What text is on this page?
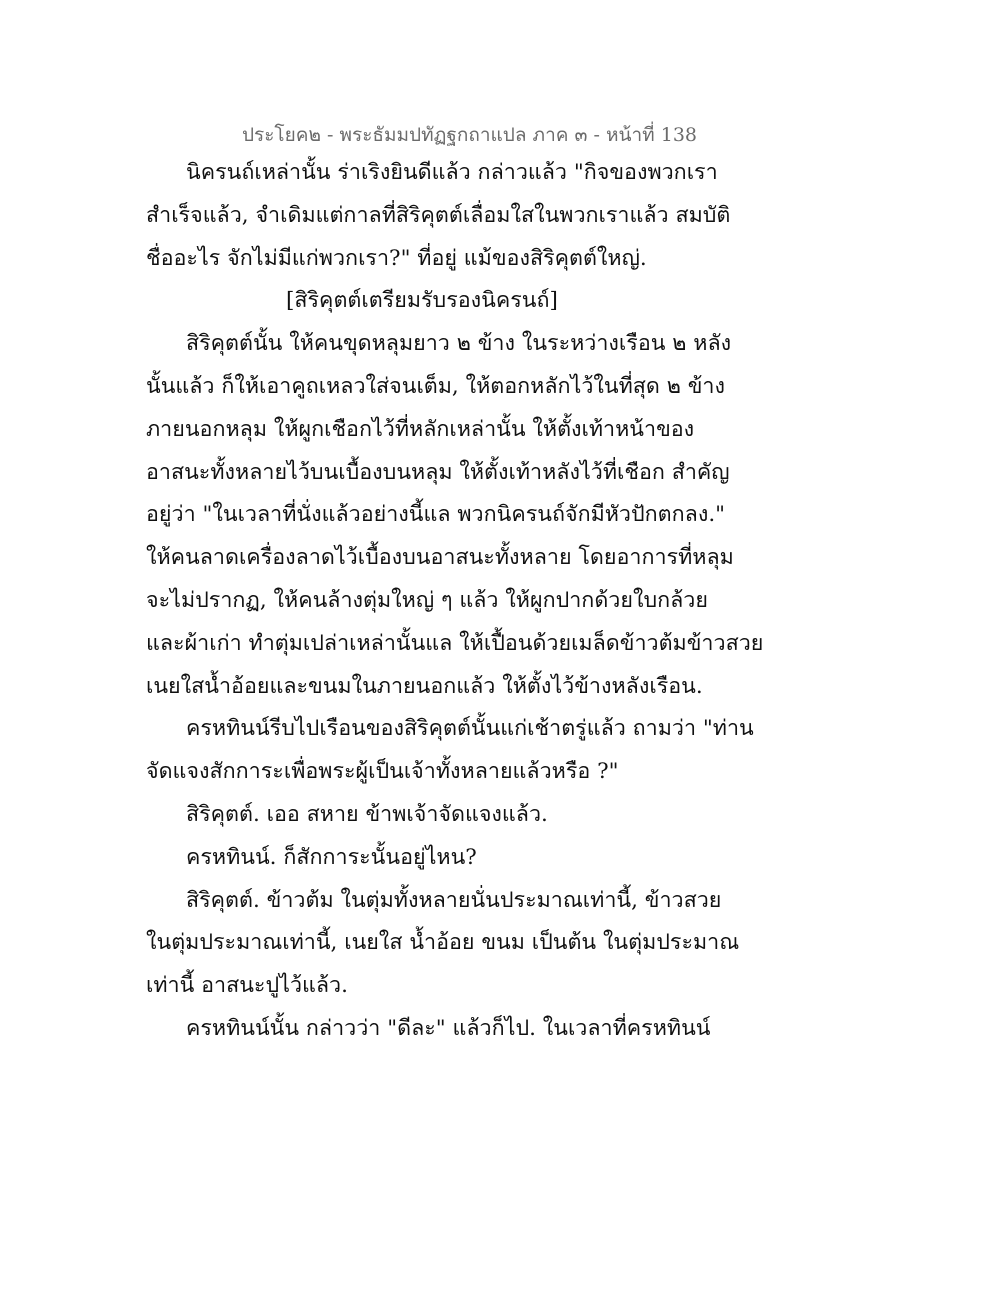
ประโยค๒ - พระธัมมปทัฏฐกถาแปล ภาค ๓ - หน้าที่ 138
นิครนถ์เหล่านั้น ร่าเริงยินดีแล้ว กล่าวแล้ว "กิจของพวกเรา
สำเร็จแล้ว, จำเดิมแต่กาลที่สิริคุตต์เลื่อมใสในพวกเราแล้ว สมบัติ
ชื่ออะไร จักไม่มีแก่พวกเรา?" ที่อยู่ แม้ของสิริคุตต์ใหญ่.
[สิริคุตต์เตรียมรับรองนิครนถ์]
สิริคุตต์นั้น ให้คนขุดหลุมยาว ๒ ข้าง ในระหว่างเรือน ๒ หลัง
นั้นแล้ว ก็ให้เอาคูถเหลวใส่จนเต็ม, ให้ตอกหลักไว้ในที่สุด ๒ ข้าง
ภายนอกหลุม ให้ผูกเชือกไว้ที่หลักเหล่านั้น ให้ตั้งเท้าหน้าของ
อาสนะทั้งหลายไว้บนเบื้องบนหลุม ให้ตั้งเท้าหลังไว้ที่เชือก สำคัญ
อยู่ว่า "ในเวลาที่นั่งแล้วอย่างนี้แล พวกนิครนถ์จักมีหัวปักตกลง."
ให้คนลาดเครื่องลาดไว้เบื้องบนอาสนะทั้งหลาย โดยอาการที่หลุม
จะไม่ปรากฏ, ให้คนล้างตุ่มใหญ่ ๆ แล้ว ให้ผูกปากด้วยใบกล้วย
และผ้าเก่า ทำตุ่มเปล่าเหล่านั้นแล ให้เปื้อนด้วยเมล็ดข้าวต้มข้าวสวย
เนยใสน้ำอ้อยและขนมในภายนอกแล้ว ให้ตั้งไว้ข้างหลังเรือน.
ครหทินน์รีบไปเรือนของสิริคุตต์นั้นแก่เช้าตรู่แล้ว ถามว่า "ท่าน
จัดแจงสักการะเพื่อพระผู้เป็นเจ้าทั้งหลายแล้วหรือ ?"
สิริคุตต์. เออ สหาย ข้าพเจ้าจัดแจงแล้ว.
ครหทินน์. ก็สักการะนั้นอยู่ไหน?
สิริคุตต์. ข้าวต้ม ในตุ่มทั้งหลายนั่นประมาณเท่านี้, ข้าวสวย
ในตุ่มประมาณเท่านี้, เนยใส น้ำอ้อย ขนม เป็นต้น ในตุ่มประมาณ
เท่านี้ อาสนะปูไว้แล้ว.
ครหทินน์นั้น กล่าวว่า "ดีละ" แล้วก็ไป. ในเวลาที่ครหทินน์
